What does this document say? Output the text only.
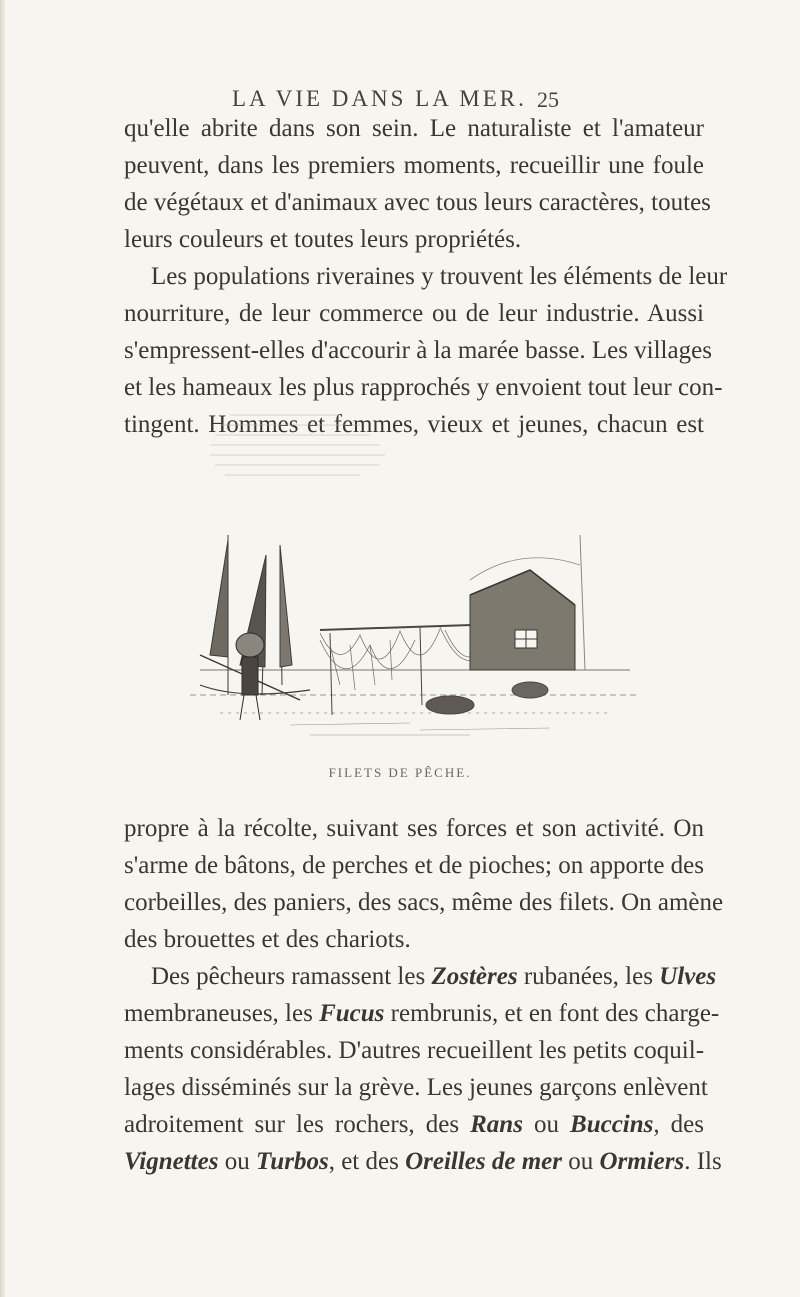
LA VIE DANS LA MER. 25
qu'elle abrite dans son sein. Le naturaliste et l'amateur
peuvent, dans les premiers moments, recueillir une foule
de végétaux et d'animaux avec tous leurs caractères, toutes
leurs couleurs et toutes leurs propriétés.
Les populations riveraines y trouvent les éléments de leur
nourriture, de leur commerce ou de leur industrie. Aussi
s'empressent-elles d'accourir à la marée basse. Les villages
et les hameaux les plus rapprochés y envoient tout leur con-
tingent. Hommes et femmes, vieux et jeunes, chacun est
FILETS DE PÊCHE.
propre à la récolte, suivant ses forces et son activité. On
s'arme de bâtons, de perches et de pioches; on apporte des
corbeilles, des paniers, des sacs, même des filets. On amène
des brouettes et des chariots.
Des pêcheurs ramassent les Zostères rubanées, les Ulves
membraneuses, les Fucus rembrunis, et en font des charge-
ments considérables. D'autres recueillent les petits coquil-
lages disséminés sur la grève. Les jeunes garçons enlèvent
adroitement sur les rochers, des Rans ou Buccins, des
Vignettes ou Turbos, et des Oreilles de mer ou Ormiers. Ils
